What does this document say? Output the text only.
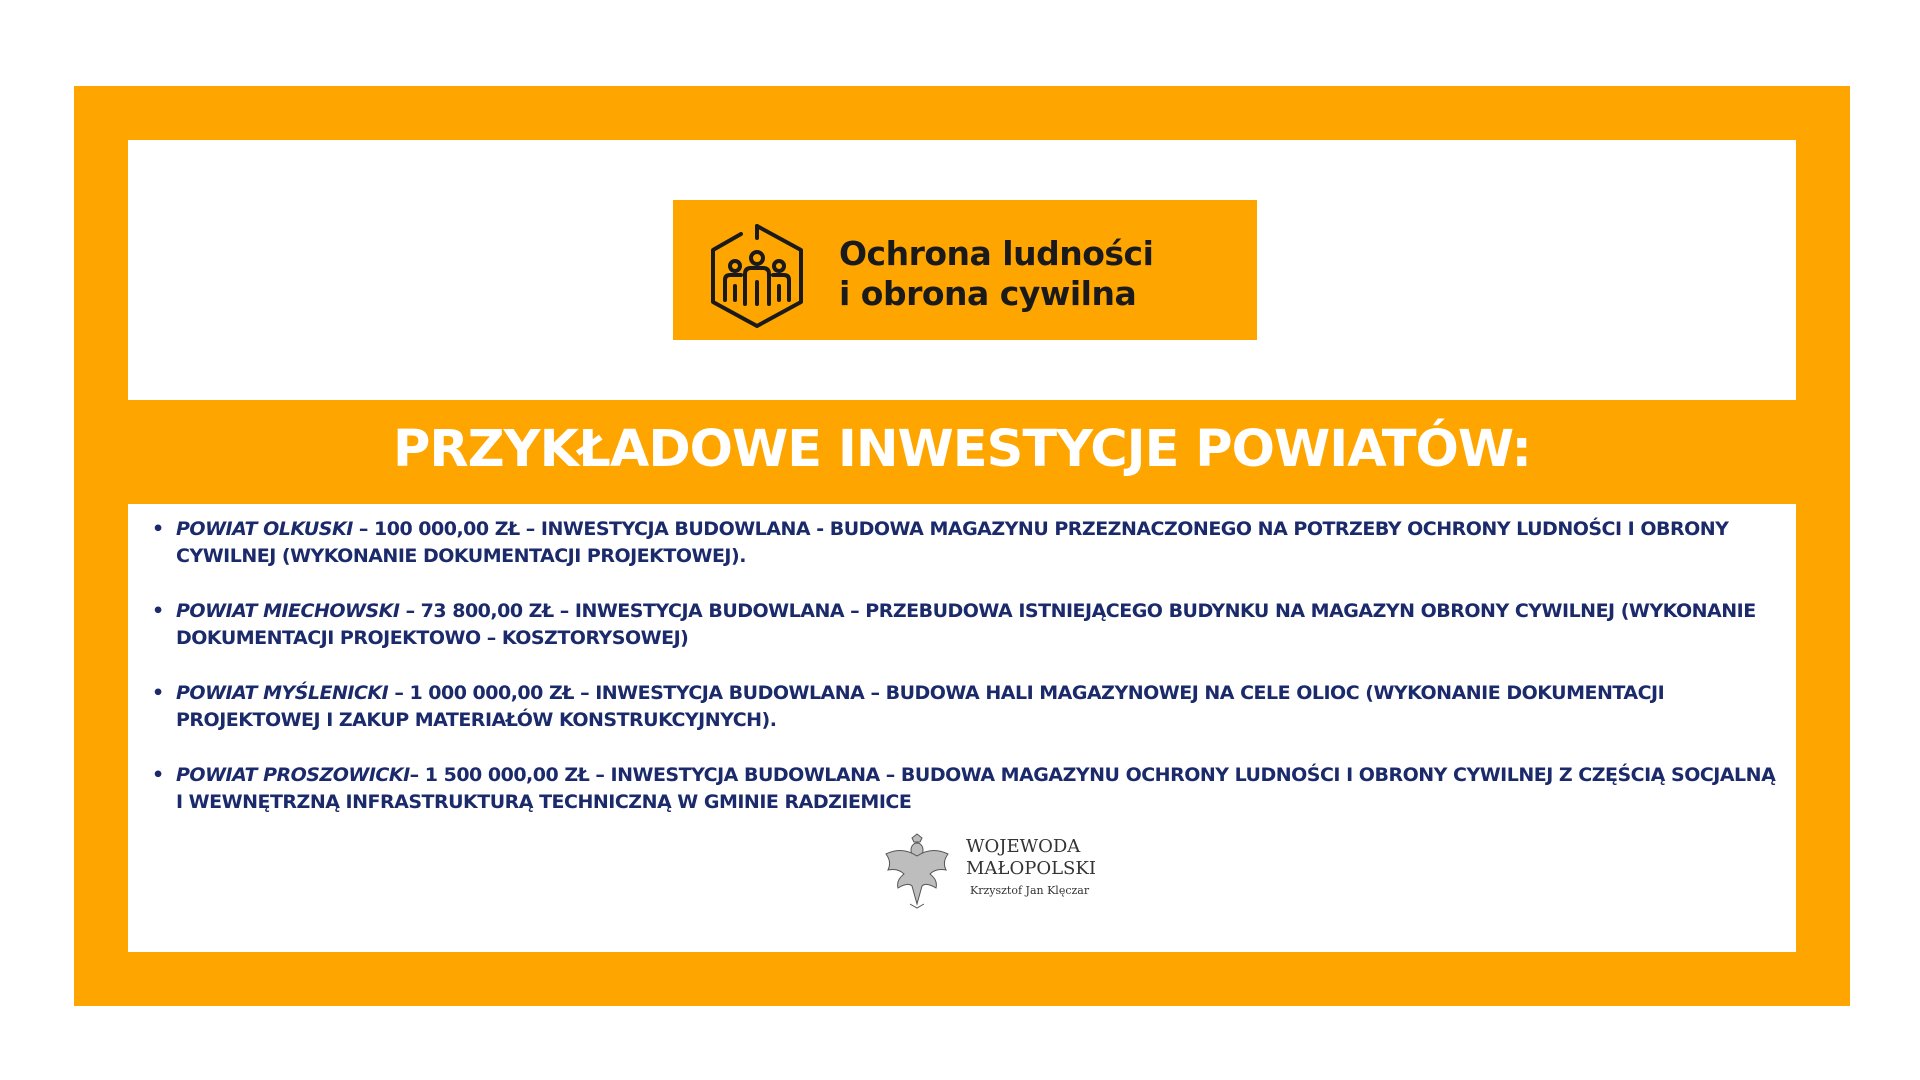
Ochrona ludności
i obrona cywilna
PRZYKŁADOWE INWESTYCJE POWIATÓW:
• POWIAT OLKUSKI – 100 000,00 ZŁ – INWESTYCJA BUDOWLANA - BUDOWA MAGAZYNU PRZEZNACZONEGO NA POTRZEBY OCHRONY LUDNOŚCI I OBRONY CYWILNEJ (WYKONANIE DOKUMENTACJI PROJEKTOWEJ).
• POWIAT MIECHOWSKI – 73 800,00 ZŁ – INWESTYCJA BUDOWLANA – PRZEBUDOWA ISTNIEJĄCEGO BUDYNKU NA MAGAZYN OBRONY CYWILNEJ (WYKONANIE DOKUMENTACJI PROJEKTOWO – KOSZTORYSOWEJ)
• POWIAT MYŚLENICKI – 1 000 000,00 ZŁ – INWESTYCJA BUDOWLANA – BUDOWA HALI MAGAZYNOWEJ NA CELE OLIOC (WYKONANIE DOKUMENTACJI PROJEKTOWEJ I ZAKUP MATERIAŁÓW KONSTRUKCYJNYCH).
• POWIAT PROSZOWICKI– 1 500 000,00 ZŁ – INWESTYCJA BUDOWLANA – BUDOWA MAGAZYNU OCHRONY LUDNOŚCI I OBRONY CYWILNEJ Z CZĘŚCIĄ SOCJALNĄ I WEWNĘTRZNĄ INFRASTRUKTURĄ TECHNICZNĄ W GMINIE RADZIEMICE
WOJEWODA
MAŁOPOLSKI
Krzysztof Jan Klęczar
